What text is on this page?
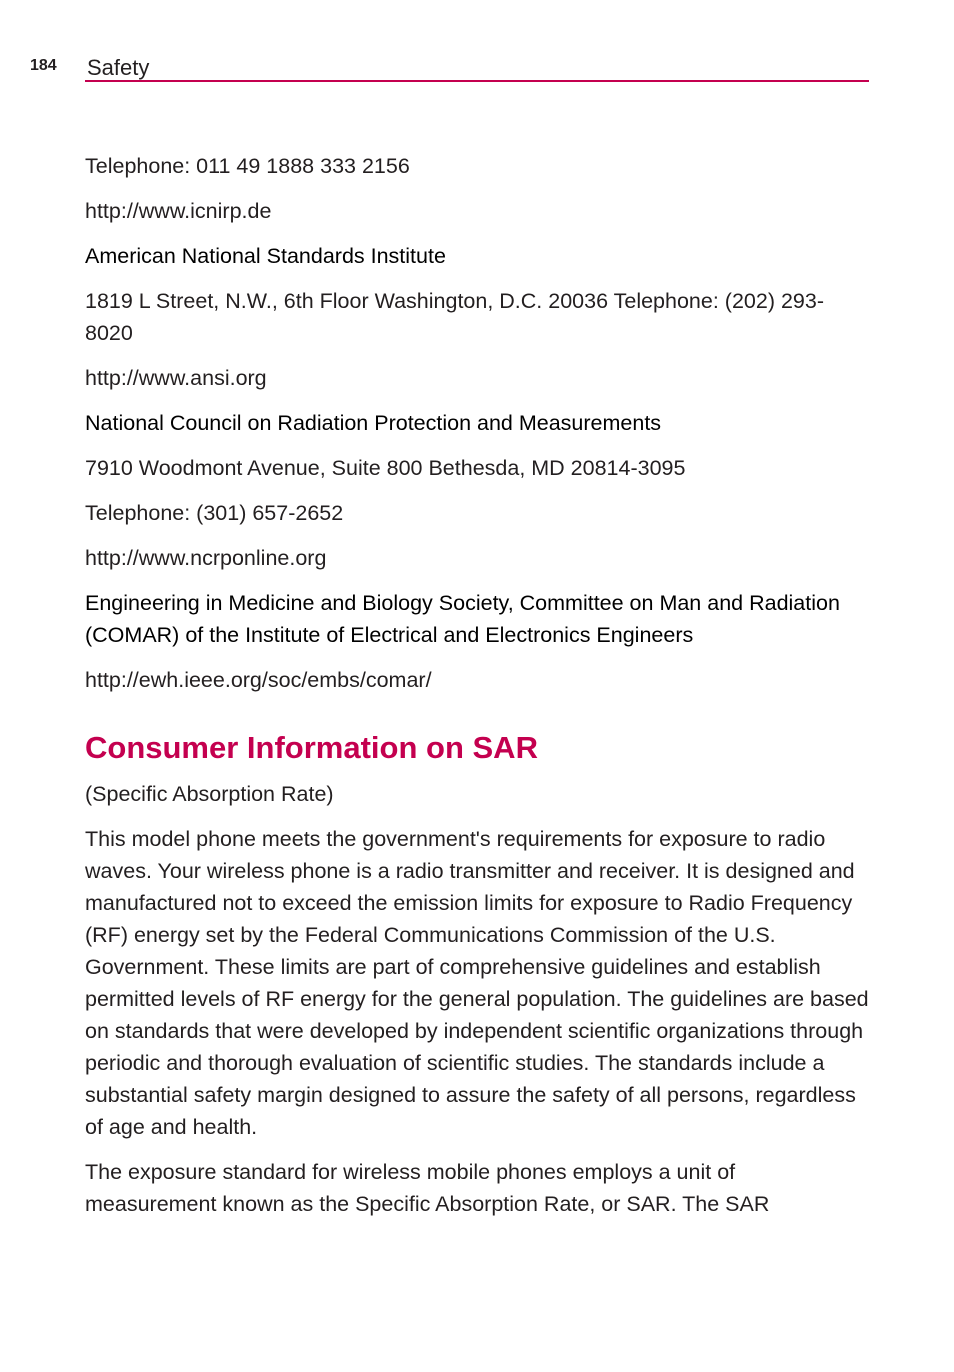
184 Safety

Telephone: 011 49 1888 333 2156

http://www.icnirp.de

American National Standards Institute

1819 L Street, N.W., 6th Floor Washington, D.C. 20036 Telephone: (202) 293-8020

http://www.ansi.org

National Council on Radiation Protection and Measurements

7910 Woodmont Avenue, Suite 800 Bethesda, MD 20814-3095

Telephone: (301) 657-2652

http://www.ncrponline.org

Engineering in Medicine and Biology Society, Committee on Man and Radiation (COMAR) of the Institute of Electrical and Electronics Engineers

http://ewh.ieee.org/soc/embs/comar/

Consumer Information on SAR

(Specific Absorption Rate)

This model phone meets the government's requirements for exposure to radio waves. Your wireless phone is a radio transmitter and receiver. It is designed and manufactured not to exceed the emission limits for exposure to Radio Frequency (RF) energy set by the Federal Communications Commission of the U.S. Government. These limits are part of comprehensive guidelines and establish permitted levels of RF energy for the general population. The guidelines are based on standards that were developed by independent scientific organizations through periodic and thorough evaluation of scientific studies. The standards include a substantial safety margin designed to assure the safety of all persons, regardless of age and health.

The exposure standard for wireless mobile phones employs a unit of measurement known as the Specific Absorption Rate, or SAR. The SAR
